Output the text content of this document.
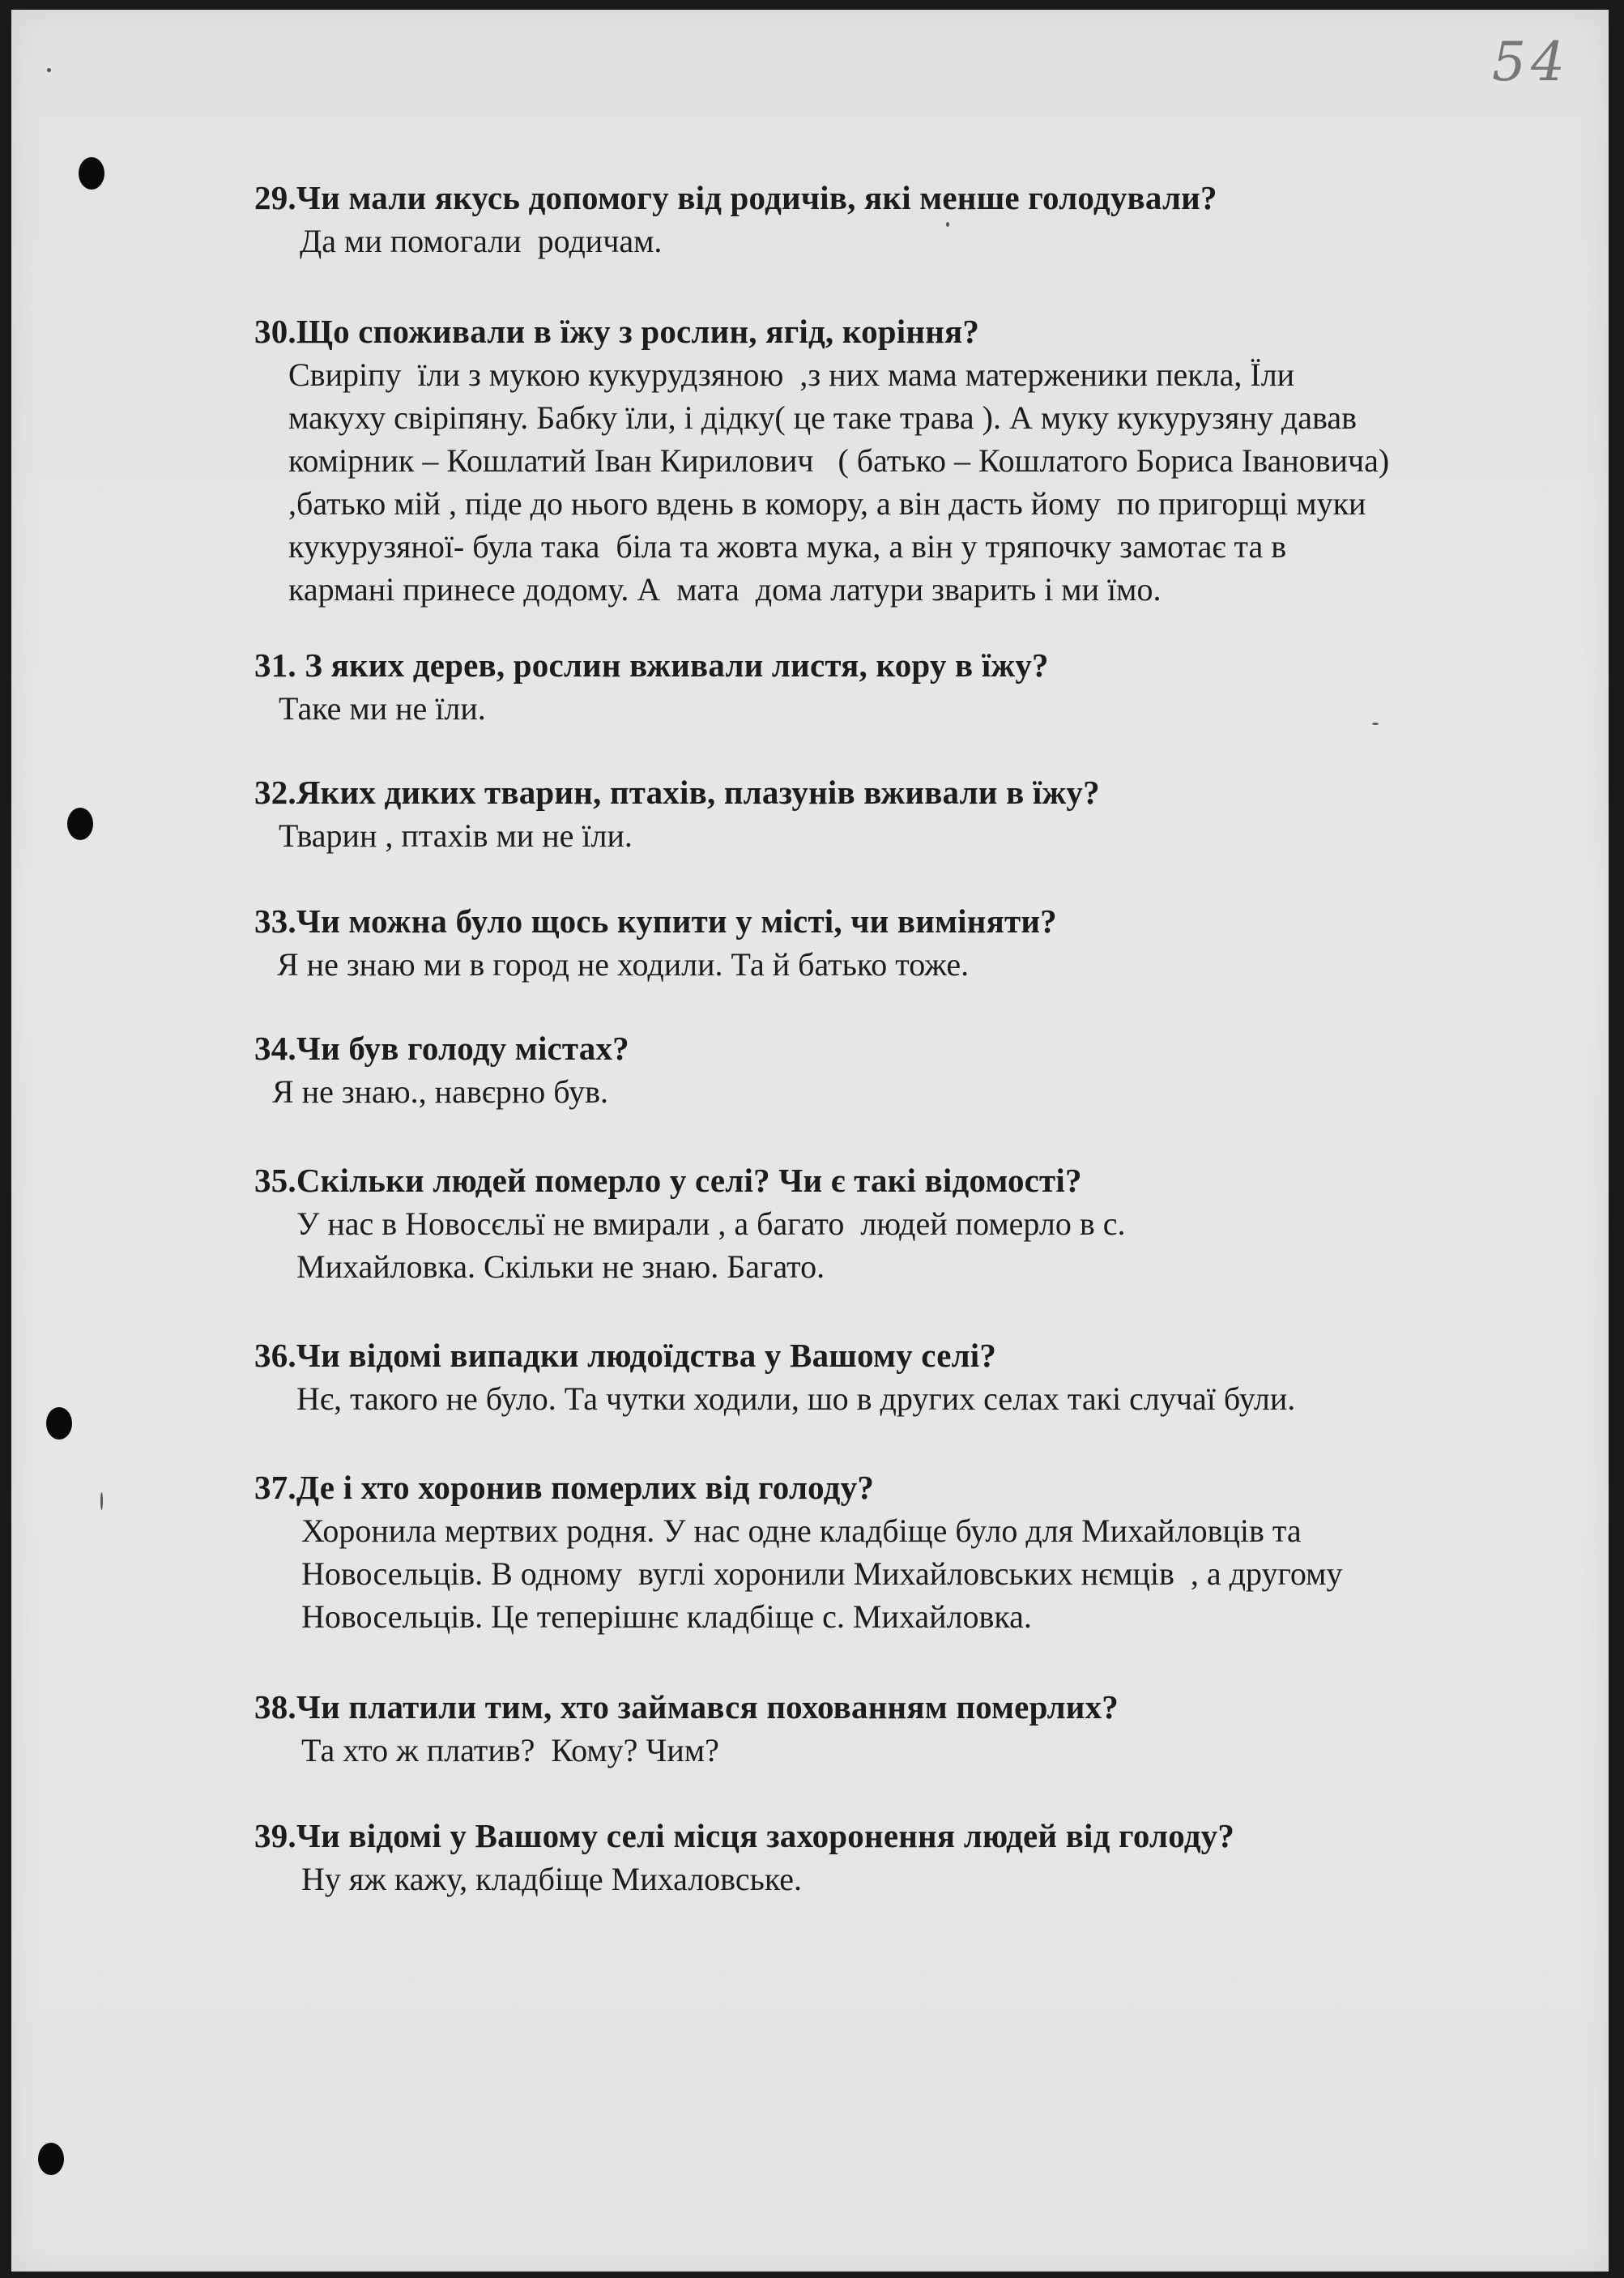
54
29.Чи мали якусь допомогу від родичів, які менше голодували?
Да ми помогали  родичам.
30.Що споживали в їжу з рослин, ягід, коріння?
Свиріпу  їли з мукою кукурудзяною  ,з них мама матерженики пекла, Їли макуху свіріпяну. Бабку їли, і дідку( це таке трава ). А муку кукурузяну давав комірник – Кошлатий Іван Кирилович   ( батько – Кошлатого Бориса Івановича) ,батько мій , піде до нього вдень в комору, а він дасть йому  по пригорщі муки кукурузяної- була така  біла та жовта мука, а він у тряпочку замотає та в кармані принесе додому. А  мата  дома латури зварить і ми їмо.
31. З яких дерев, рослин вживали листя, кору в їжу?
Таке ми не їли.
32.Яких диких тварин, птахів, плазунів вживали в їжу?
Тварин , птахів ми не їли.
33.Чи можна було щось купити у місті, чи виміняти?
Я не знаю ми в город не ходили. Та й батько тоже.
34.Чи був голоду містах?
Я не знаю., навєрно був.
35.Скільки людей померло у селі? Чи є такі відомості?
У нас в Новосєльї не вмирали , а багато  людей померло в с. Михайловка. Скільки не знаю. Багато.
36.Чи відомі випадки людоїдства у Вашому селі?
Нє, такого не було. Та чутки ходили, шо в других селах такі случаї були.
37.Де і хто хоронив померлих від голоду?
Хоронила мертвих родня. У нас одне кладбіще було для Михайловців та Новосельців. В одному  вуглі хоронили Михайловських нємців  , а другому Новосельців. Це теперішнє кладбіще с. Михайловка.
38.Чи платили тим, хто займався похованням померлих?
Та хто ж платив?  Кому? Чим?
39.Чи відомі у Вашому селі місця захоронення людей від голоду?
Ну яж кажу, кладбіще Михаловське.
